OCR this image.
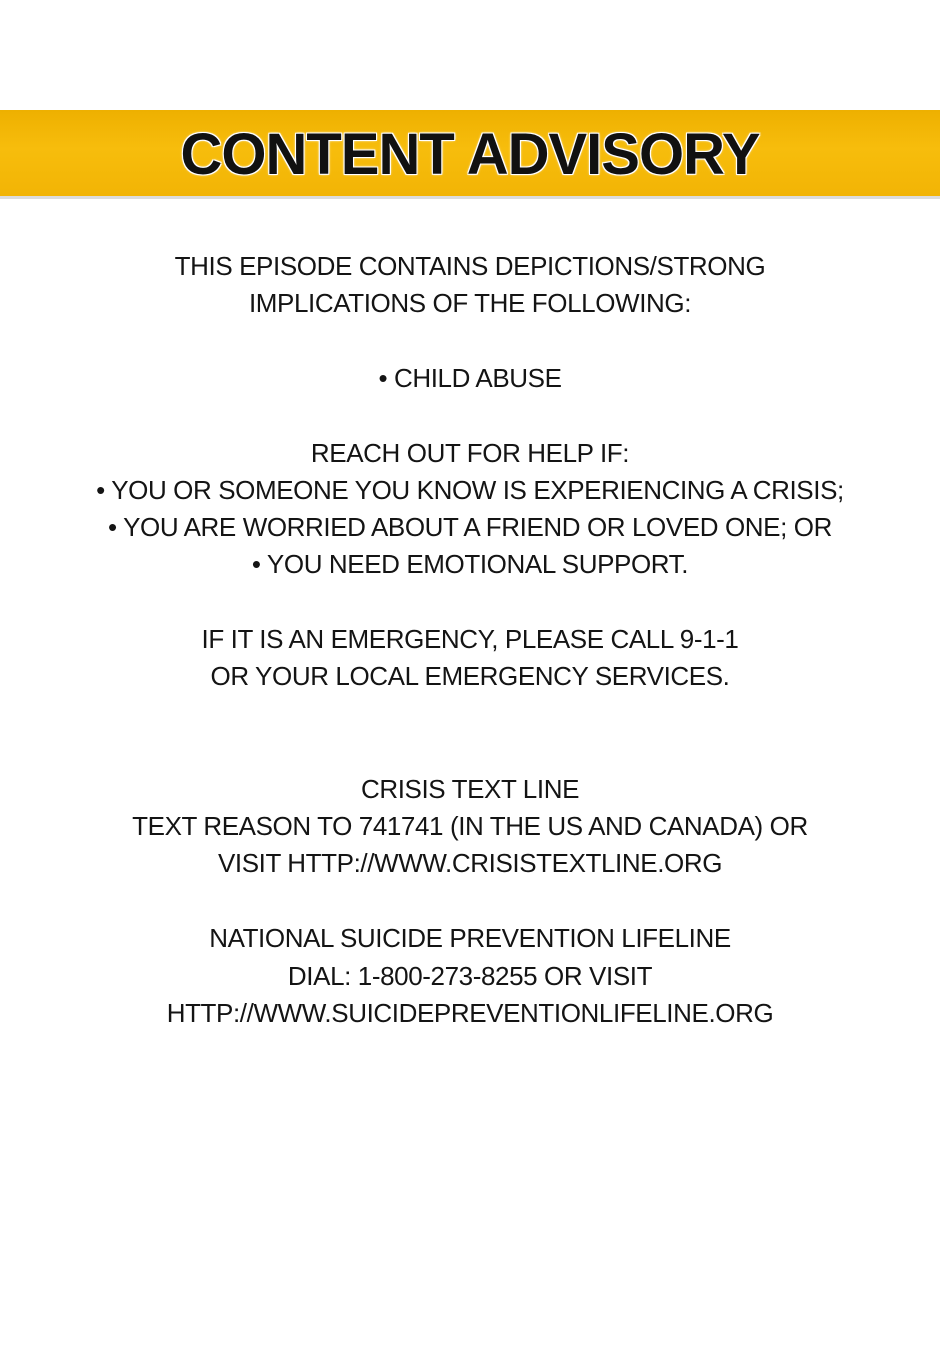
CONTENT ADVISORY
THIS EPISODE CONTAINS DEPICTIONS/STRONG
IMPLICATIONS OF THE FOLLOWING:
• CHILD ABUSE
REACH OUT FOR HELP IF:
• YOU OR SOMEONE YOU KNOW IS EXPERIENCING A CRISIS;
• YOU ARE WORRIED ABOUT A FRIEND OR LOVED ONE; OR
• YOU NEED EMOTIONAL SUPPORT.
IF IT IS AN EMERGENCY, PLEASE CALL 9-1-1
OR YOUR LOCAL EMERGENCY SERVICES.
CRISIS TEXT LINE
TEXT REASON TO 741741 (IN THE US AND CANADA) OR
VISIT HTTP://WWW.CRISISTEXTLINE.ORG
NATIONAL SUICIDE PREVENTION LIFELINE
DIAL: 1-800-273-8255 OR VISIT
HTTP://WWW.SUICIDEPREVENTIONLIFELINE.ORG
